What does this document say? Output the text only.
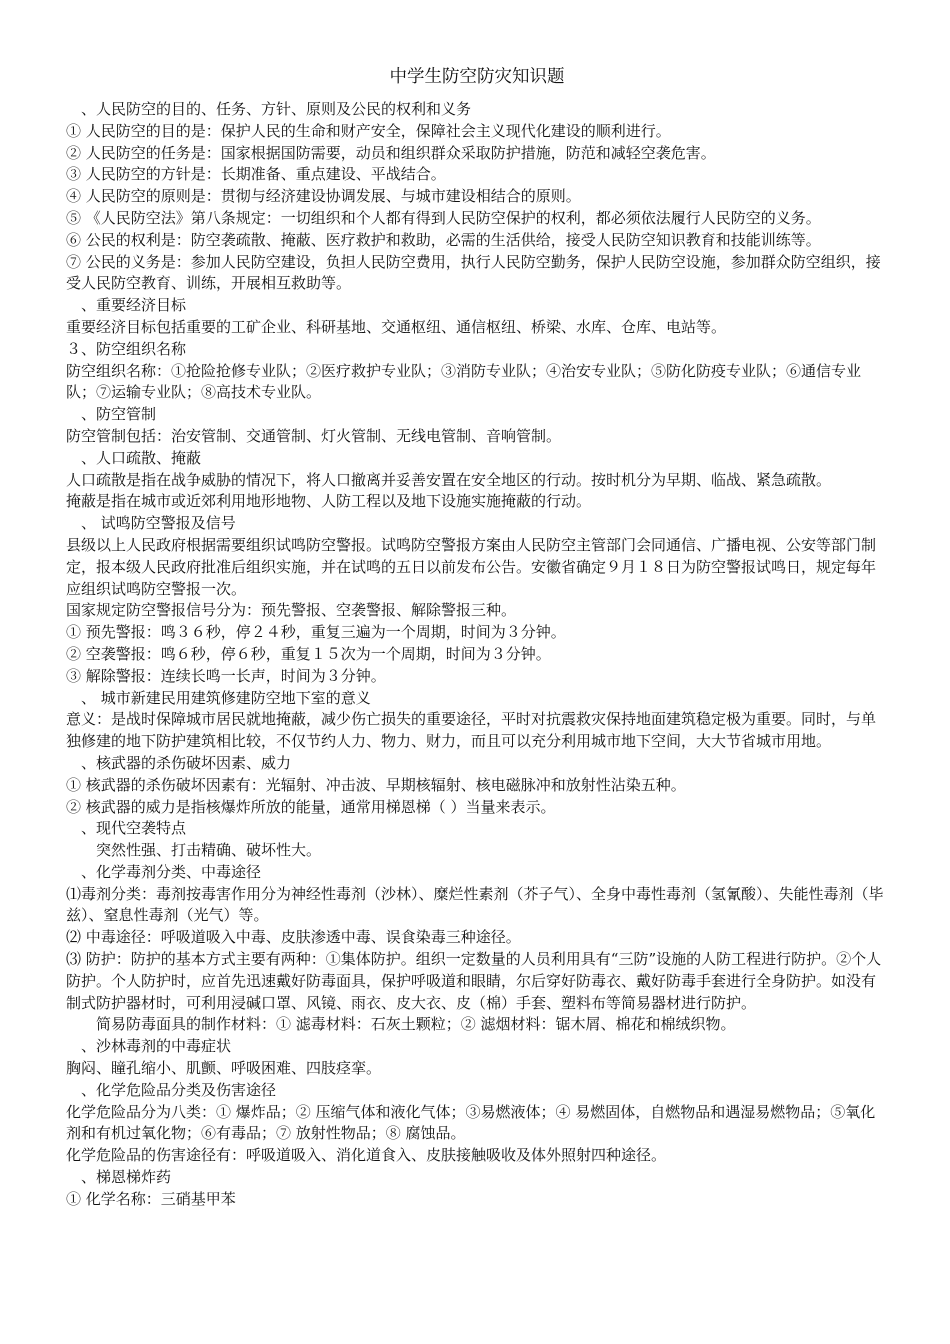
中学生防空防灾知识题

、人民防空的目的、任务、方针、原则及公民的权利和义务

① 人民防空的目的是：保护人民的生命和财产安全，保障社会主义现代化建设的顺利进行。

② 人民防空的任务是：国家根据国防需要，动员和组织群众采取防护措施，防范和减轻空袭危害。

③ 人民防空的方针是：长期准备、重点建设、平战结合。

④ 人民防空的原则是：贯彻与经济建设协调发展、与城市建设相结合的原则。

⑤ 《人民防空法》第八条规定：一切组织和个人都有得到人民防空保护的权利，都必须依法履行人民防空的义务。

⑥ 公民的权利是：防空袭疏散、掩蔽、医疗救护和救助，必需的生活供给，接受人民防空知识教育和技能训练等。

⑦ 公民的义务是：参加人民防空建设，负担人民防空费用，执行人民防空勤务，保护人民防空设施，参加群众防空组织，接受人民防空教育、训练，开展相互救助等。

、重要经济目标

重要经济目标包括重要的工矿企业、科研基地、交通枢纽、通信枢纽、桥梁、水库、仓库、电站等。

３、防空组织名称

防空组织名称：①抢险抢修专业队；②医疗救护专业队；③消防专业队；④治安专业队；⑤防化防疫专业队；⑥通信专业队；⑦运输专业队；⑧高技术专业队。

、防空管制

防空管制包括：治安管制、交通管制、灯火管制、无线电管制、音响管制。

、人口疏散、掩蔽

人口疏散是指在战争威胁的情况下，将人口撤离并妥善安置在安全地区的行动。按时机分为早期、临战、紧急疏散。

掩蔽是指在城市或近郊利用地形地物、人防工程以及地下设施实施掩蔽的行动。

、 试鸣防空警报及信号

县级以上人民政府根据需要组织试鸣防空警报。试鸣防空警报方案由人民防空主管部门会同通信、广播电视、公安等部门制定，报本级人民政府批准后组织实施，并在试鸣的五日以前发布公告。安徽省确定９月１８日为防空警报试鸣日，规定每年应组织试鸣防空警报一次。

国家规定防空警报信号分为：预先警报、空袭警报、解除警报三种。

① 预先警报：鸣３６秒，停２４秒，重复三遍为一个周期，时间为３分钟。

② 空袭警报：鸣６秒，停６秒，重复１５次为一个周期，时间为３分钟。

③ 解除警报：连续长鸣一长声，时间为３分钟。

、 城市新建民用建筑修建防空地下室的意义

意义：是战时保障城市居民就地掩蔽，减少伤亡损失的重要途径，平时对抗震救灾保持地面建筑稳定极为重要。同时，与单独修建的地下防护建筑相比较，不仅节约人力、物力、财力，而且可以充分利用城市地下空间，大大节省城市用地。

、核武器的杀伤破坏因素、威力

① 核武器的杀伤破坏因素有：光辐射、冲击波、早期核辐射、核电磁脉冲和放射性沾染五种。

② 核武器的威力是指核爆炸所放的能量，通常用梯恩梯（ ）当量来表示。

、现代空袭特点

突然性强、打击精确、破坏性大。

、化学毒剂分类、中毒途径

⑴毒剂分类：毒剂按毒害作用分为神经性毒剂（沙林）、糜烂性素剂（芥子气）、全身中毒性毒剂（氢氰酸）、失能性毒剂（毕兹）、窒息性毒剂（光气）等。

⑵ 中毒途径：呼吸道吸入中毒、皮肤渗透中毒、误食染毒三种途径。

⑶ 防护：防护的基本方式主要有两种：①集体防护。组织一定数量的人员利用具有“三防”设施的人防工程进行防护。②个人防护。个人防护时，应首先迅速戴好防毒面具，保护呼吸道和眼睛，尔后穿好防毒衣、戴好防毒手套进行全身防护。如没有制式防护器材时，可利用浸碱口罩、风镜、雨衣、皮大衣、皮（棉）手套、塑料布等简易器材进行防护。

简易防毒面具的制作材料：① 滤毒材料：石灰土颗粒；② 滤烟材料：锯木屑、棉花和棉绒织物。

、沙林毒剂的中毒症状

胸闷、瞳孔缩小、肌颤、呼吸困难、四肢痉挛。

、化学危险品分类及伤害途径

化学危险品分为八类：① 爆炸品；② 压缩气体和液化气体；③易燃液体；④ 易燃固体，自燃物品和遇湿易燃物品；⑤氧化剂和有机过氧化物；⑥有毒品；⑦ 放射性物品；⑧ 腐蚀品。

化学危险品的伤害途径有：呼吸道吸入、消化道食入、皮肤接触吸收及体外照射四种途径。

、梯恩梯炸药

① 化学名称：三硝基甲苯
